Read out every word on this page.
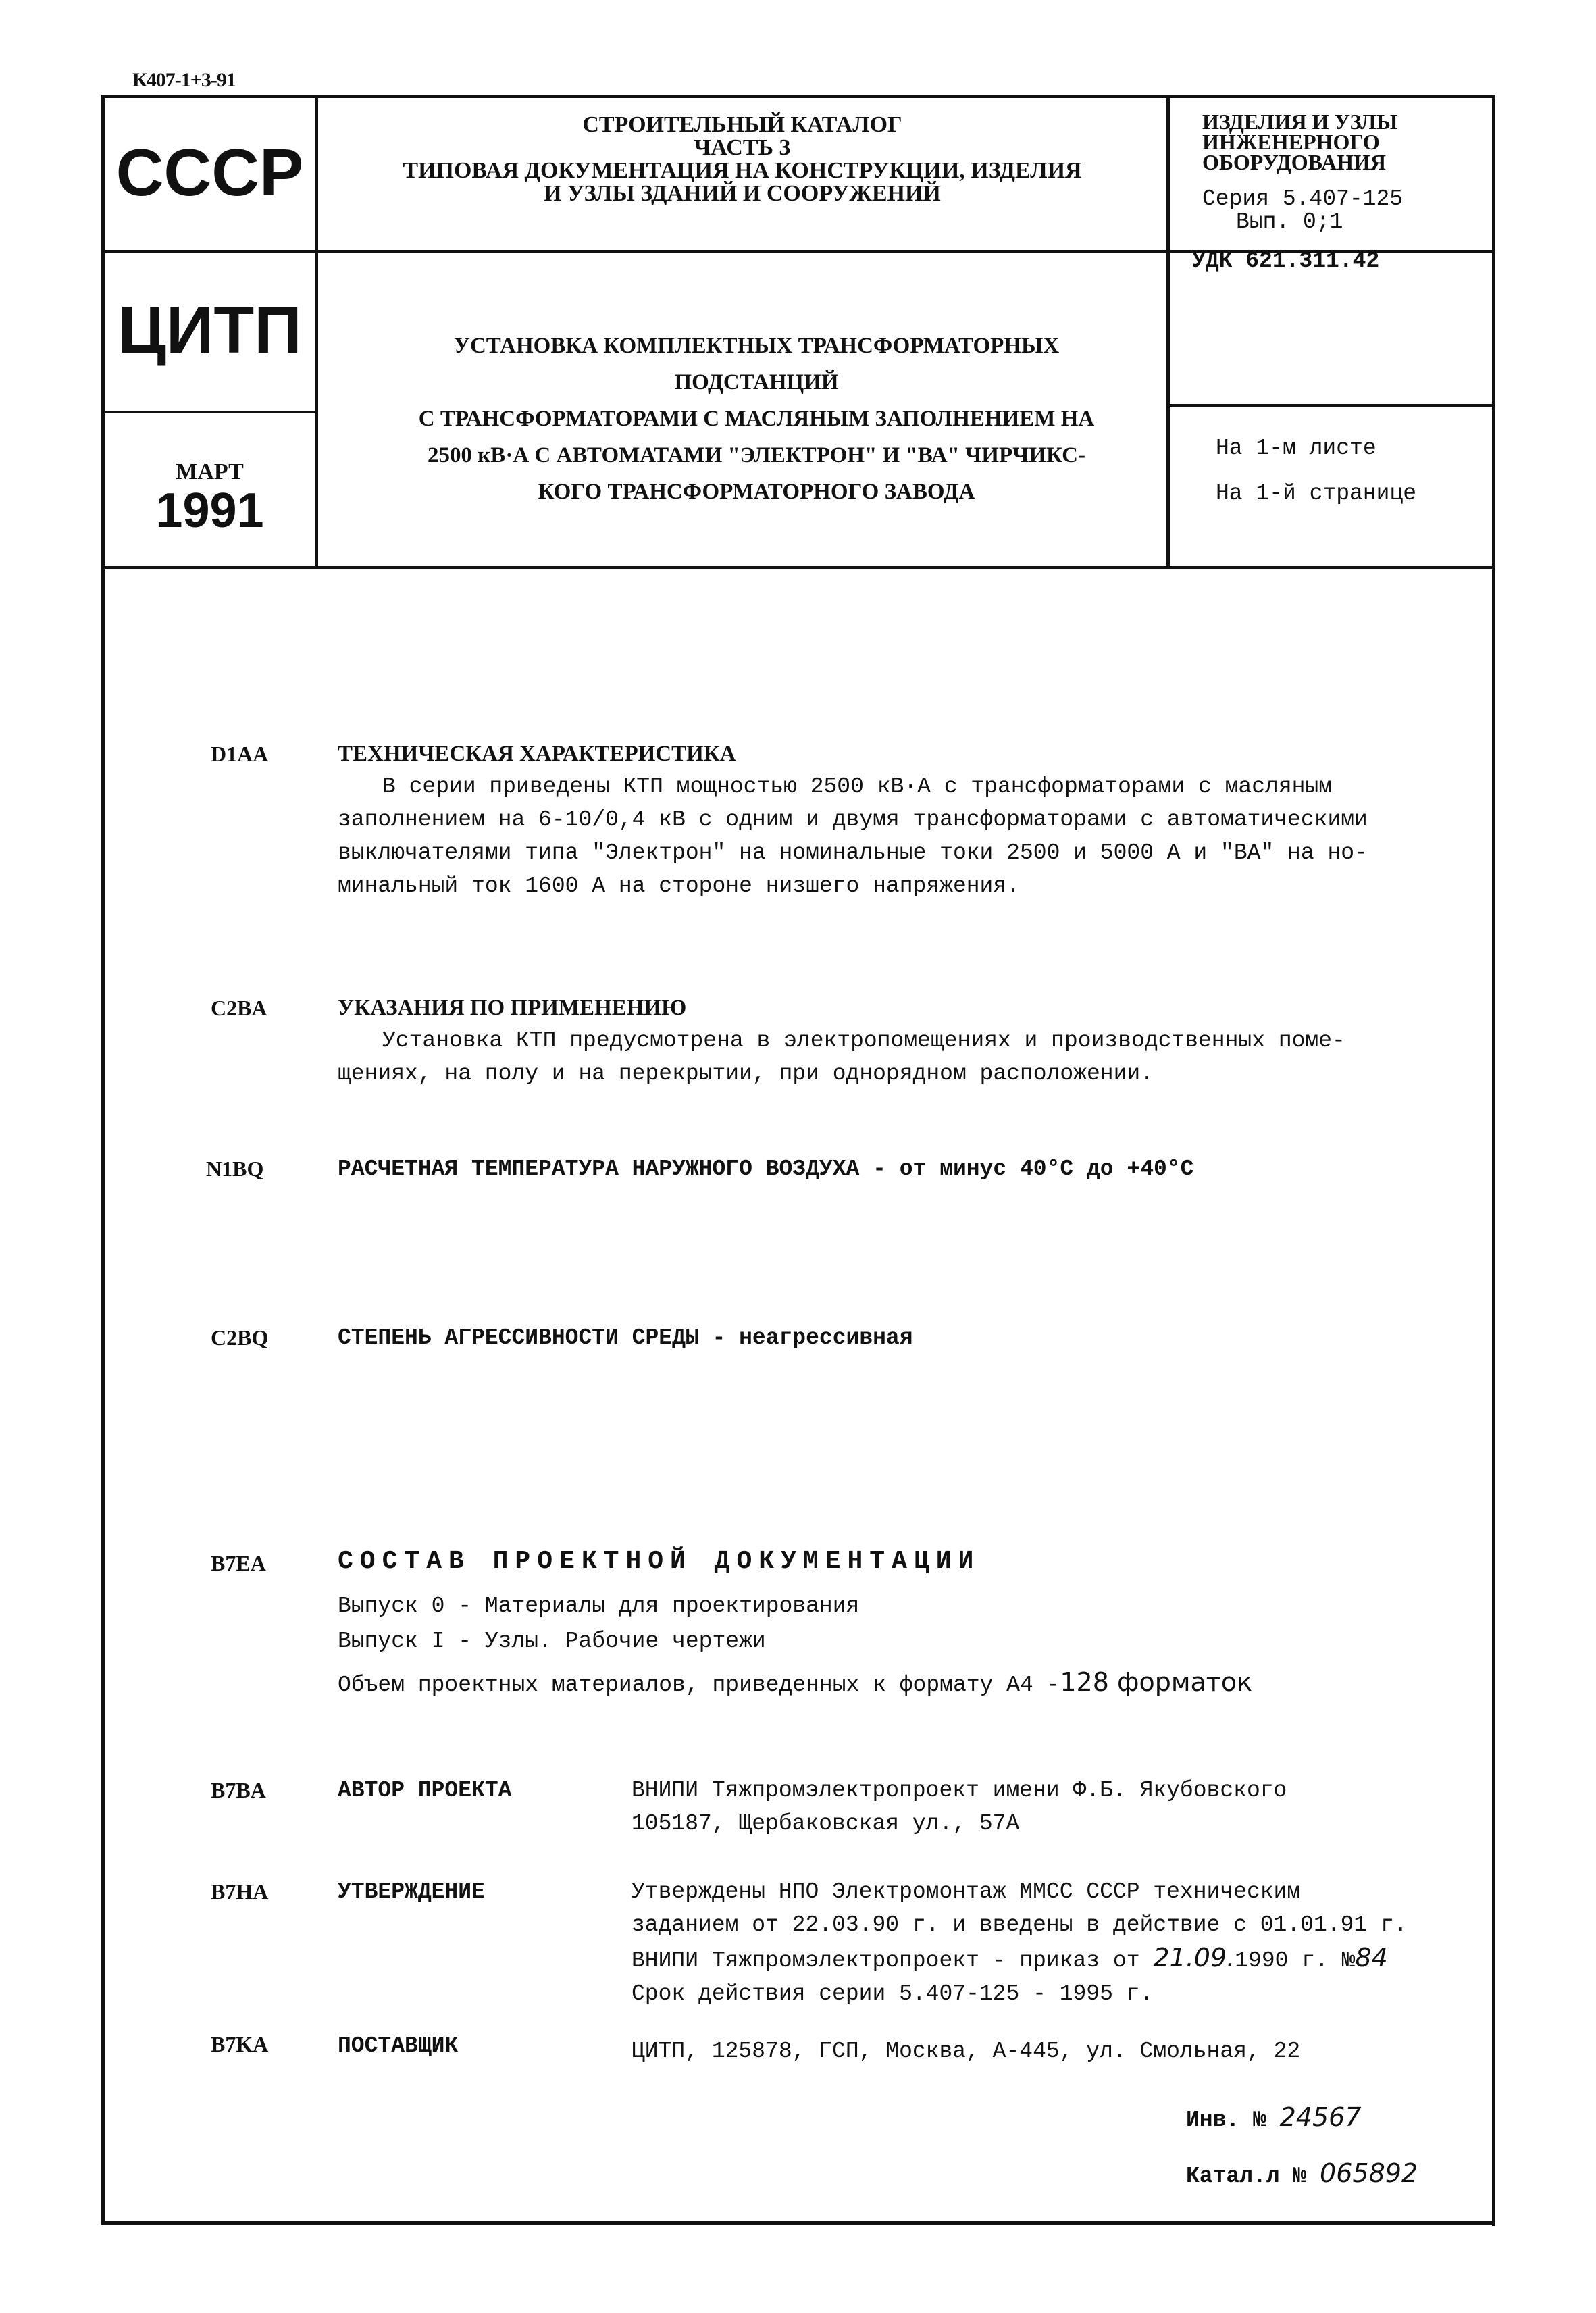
К407-1+3-91
СССР
ЦИТП
МАРТ
1991
СТРОИТЕЛЬНЫЙ КАТАЛОГ
ЧАСТЬ 3
ТИПОВАЯ ДОКУМЕНТАЦИЯ НА КОНСТРУКЦИИ, ИЗДЕЛИЯ
И УЗЛЫ ЗДАНИЙ И СООРУЖЕНИЙ
ИЗДЕЛИЯ И УЗЛЫ
ИНЖЕНЕРНОГО
ОБОРУДОВАНИЯ
Серия 5.407-125
Вып. 0;1
УДК 621.311.42
УСТАНОВКА КОМПЛЕКТНЫХ ТРАНСФОРМАТОРНЫХ ПОДСТАНЦИЙ
С ТРАНСФОРМАТОРАМИ С МАСЛЯНЫМ ЗАПОЛНЕНИЕМ НА
2500 кВ·А С АВТОМАТАМИ "ЭЛЕКТРОН" И "ВА" ЧИРЧИКС-
КОГО ТРАНСФОРМАТОРНОГО ЗАВОДА
На 1-м листе
На 1-й странице
D1AA	ТЕХНИЧЕСКАЯ ХАРАКТЕРИСТИКА

В серии приведены КТП мощностью 2500 кВ·А с трансформаторами с масляным

заполнением на 6-10/0,4 кВ с одним и двумя трансформаторами с автоматическими

выключателями типа "Электрон" на номинальные токи 2500 и 5000 А и "ВА" на но-

минальный ток 1600 А на стороне низшего напряжения.

C2BA	УКАЗАНИЯ ПО ПРИМЕНЕНИЮ

Установка КТП предусмотрена в электропомещениях и производственных поме-

щениях, на полу и на перекрытии, при однорядном расположении.

N1BQ	РАСЧЕТНАЯ ТЕМПЕРАТУРА НАРУЖНОГО ВОЗДУХА - от минус 40°С до +40°С
C2BQ	СТЕПЕНЬ АГРЕССИВНОСТИ СРЕДЫ - неагрессивная
B7EA	СОСТАВ ПРОЕКТНОЙ ДОКУМЕНТАЦИИ

Выпуск 0 - Материалы для проектирования

Выпуск I - Узлы. Рабочие чертежи

Объем проектных материалов, приведенных к формату А4 -128 форматок

B7BA	АВТОР ПРОЕКТА	ВНИПИ Тяжпромэлектропроект имени Ф.Б. Якубовского

105187, Щербаковская ул., 57А

B7HA	УТВЕРЖДЕНИЕ	Утверждены НПО Электромонтаж ММСС СССР техническим

заданием от 22.03.90 г. и введены в действие с 01.01.91 г.

ВНИПИ Тяжпромэлектропроект - приказ от 21.09.1990 г. №84

Срок действия серии 5.407-125 - 1995 г.

B7KA	ПОСТАВЩИК	ЦИТП, 125878, ГСП, Москва, А-445, ул. Смольная, 22
Инв. № 24567
Катал.л № 065892
